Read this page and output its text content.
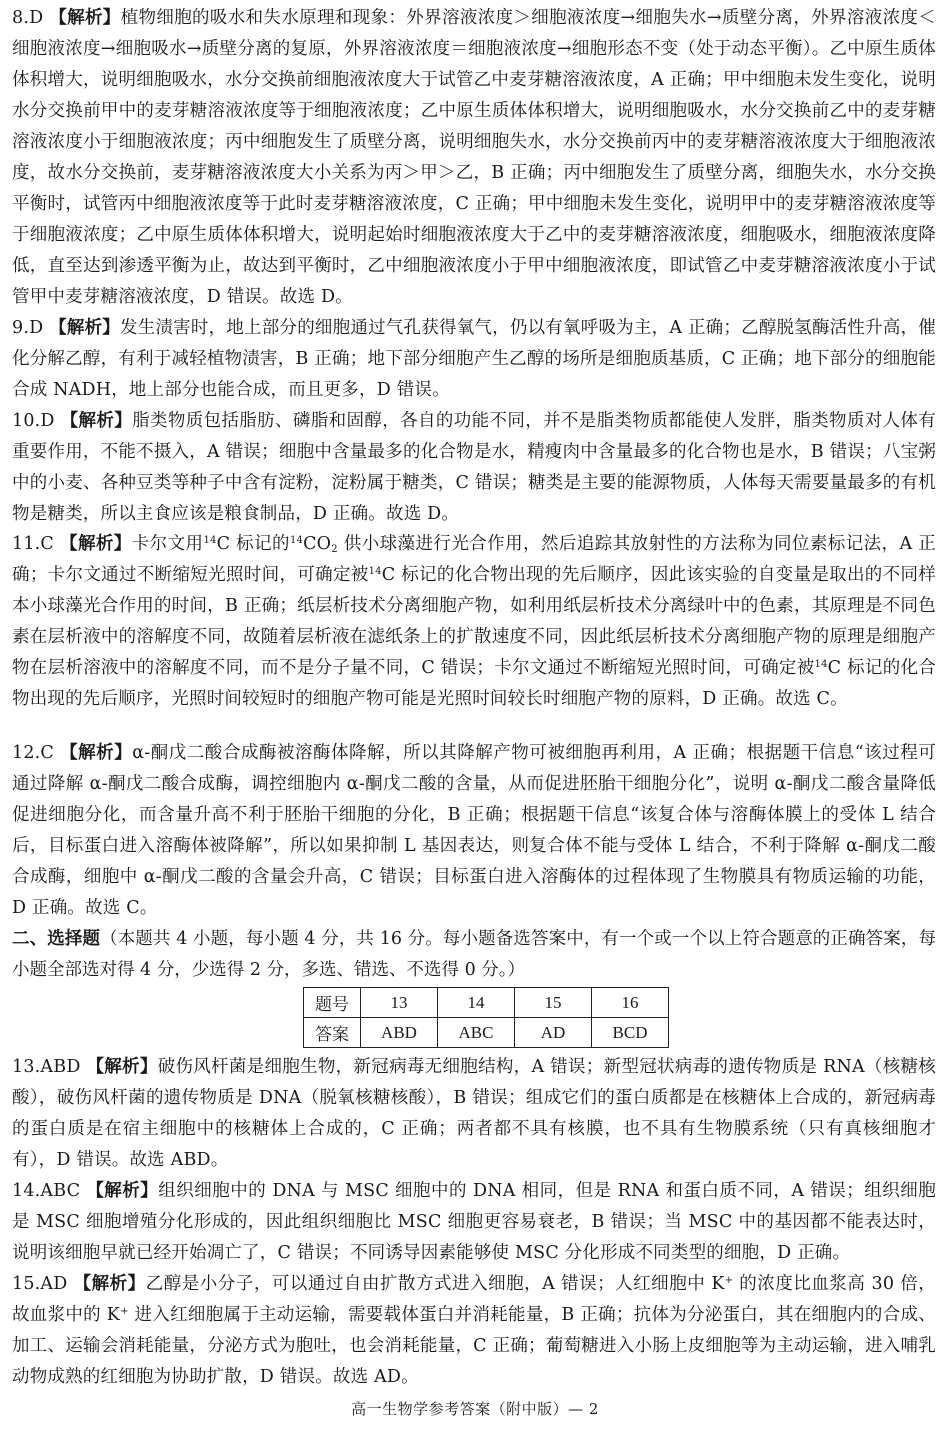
8.D 【解析】植物细胞的吸水和失水原理和现象：外界溶液浓度＞细胞液浓度→细胞失水→质壁分离，外界溶液浓度＜细胞液浓度→细胞吸水→质壁分离的复原，外界溶液浓度＝细胞液浓度→细胞形态不变（处于动态平衡）。乙中原生质体体积增大，说明细胞吸水，水分交换前细胞液浓度大于试管乙中麦芽糖溶液浓度，A 正确；甲中细胞未发生变化，说明水分交换前甲中的麦芽糖溶液浓度等于细胞液浓度；乙中原生质体体积增大，说明细胞吸水，水分交换前乙中的麦芽糖溶液浓度小于细胞液浓度；丙中细胞发生了质壁分离，说明细胞失水，水分交换前丙中的麦芽糖溶液浓度大于细胞液浓度，故水分交换前，麦芽糖溶液浓度大小关系为丙＞甲＞乙，B 正确；丙中细胞发生了质壁分离，细胞失水，水分交换平衡时，试管丙中细胞液浓度等于此时麦芽糖溶液浓度，C 正确；甲中细胞未发生变化，说明甲中的麦芽糖溶液浓度等于细胞液浓度；乙中原生质体体积增大，说明起始时细胞液浓度大于乙中的麦芽糖溶液浓度，细胞吸水，细胞液浓度降低，直至达到渗透平衡为止，故达到平衡时，乙中细胞液浓度小于甲中细胞液浓度，即试管乙中麦芽糖溶液浓度小于试管甲中麦芽糖溶液浓度，D 错误。故选 D。
9.D 【解析】发生渍害时，地上部分的细胞通过气孔获得氧气，仍以有氧呼吸为主，A 正确；乙醇脱氢酶活性升高，催化分解乙醇，有利于减轻植物渍害，B 正确；地下部分细胞产生乙醇的场所是细胞质基质，C 正确；地下部分的细胞能合成 NADH，地上部分也能合成，而且更多，D 错误。
10.D 【解析】脂类物质包括脂肪、磷脂和固醇，各自的功能不同，并不是脂类物质都能使人发胖，脂类物质对人体有重要作用，不能不摄入，A 错误；细胞中含量最多的化合物是水，精瘦肉中含量最多的化合物也是水，B 错误；八宝粥中的小麦、各种豆类等种子中含有淀粉，淀粉属于糖类，C 错误；糖类是主要的能源物质，人体每天需要量最多的有机物是糖类，所以主食应该是粮食制品，D 正确。故选 D。
11.C 【解析】卡尔文用$^{14}$C 标记的$^{14}CO_2$ 供小球藻进行光合作用，然后追踪其放射性的方法称为同位素标记法，A 正确；卡尔文通过不断缩短光照时间，可确定被$^{14}$C 标记的化合物出现的先后顺序，因此该实验的自变量是取出的不同样本小球藻光合作用的时间，B 正确；纸层析技术分离细胞产物，如利用纸层析技术分离绿叶中的色素，其原理是不同色素在层析液中的溶解度不同，故随着层析液在滤纸条上的扩散速度不同，因此纸层析技术分离细胞产物的原理是细胞产物在层析溶液中的溶解度不同，而不是分子量不同，C 错误；卡尔文通过不断缩短光照时间，可确定被$^{14}$C 标记的化合物出现的先后顺序，光照时间较短时的细胞产物可能是光照时间较长时细胞产物的原料，D 正确。故选 C。
12.C 【解析】α-酮戊二酸合成酶被溶酶体降解，所以其降解产物可被细胞再利用，A 正确；根据题干信息“该过程可通过降解 α-酮戊二酸合成酶，调控细胞内 α-酮戊二酸的含量，从而促进胚胎干细胞分化”，说明 α-酮戊二酸含量降低促进细胞分化，而含量升高不利于胚胎干细胞的分化，B 正确；根据题干信息“该复合体与溶酶体膜上的受体 L 结合后，目标蛋白进入溶酶体被降解”，所以如果抑制 L 基因表达，则复合体不能与受体 L 结合，不利于降解 α-酮戊二酸合成酶，细胞中 α-酮戊二酸的含量会升高，C 错误；目标蛋白进入溶酶体的过程体现了生物膜具有物质运输的功能，D 正确。故选 C。
二、选择题（本题共 4 小题，每小题 4 分，共 16 分。每小题备选答案中，有一个或一个以上符合题意的正确答案，每小题全部选对得 4 分，少选得 2 分，多选、错选、不选得 0 分。）
题号	13	14	15	16
答案	ABD	ABC	AD	BCD
13.ABD 【解析】破伤风杆菌是细胞生物，新冠病毒无细胞结构，A 错误；新型冠状病毒的遗传物质是 RNA（核糖核酸），破伤风杆菌的遗传物质是 DNA（脱氧核糖核酸），B 错误；组成它们的蛋白质都是在核糖体上合成的，新冠病毒的蛋白质是在宿主细胞中的核糖体上合成的，C 正确；两者都不具有核膜，也不具有生物膜系统（只有真核细胞才有），D 错误。故选 ABD。
14.ABC 【解析】组织细胞中的 DNA 与 MSC 细胞中的 DNA 相同，但是 RNA 和蛋白质不同，A 错误；组织细胞是 MSC 细胞增殖分化形成的，因此组织细胞比 MSC 细胞更容易衰老，B 错误；当 MSC 中的基因都不能表达时，说明该细胞早就已经开始凋亡了，C 错误；不同诱导因素能够使 MSC 分化形成不同类型的细胞，D 正确。
15.AD 【解析】乙醇是小分子，可以通过自由扩散方式进入细胞，A 错误；人红细胞中 K+ 的浓度比血浆高 30 倍，故血浆中的 K+ 进入红细胞属于主动运输，需要载体蛋白并消耗能量，B 正确；抗体为分泌蛋白，其在细胞内的合成、加工、运输会消耗能量，分泌方式为胞吐，也会消耗能量，C 正确；葡萄糖进入小肠上皮细胞等为主动运输，进入哺乳动物成熟的红细胞为协助扩散，D 错误。故选 AD。
高一生物学参考答案（附中版）— 2
